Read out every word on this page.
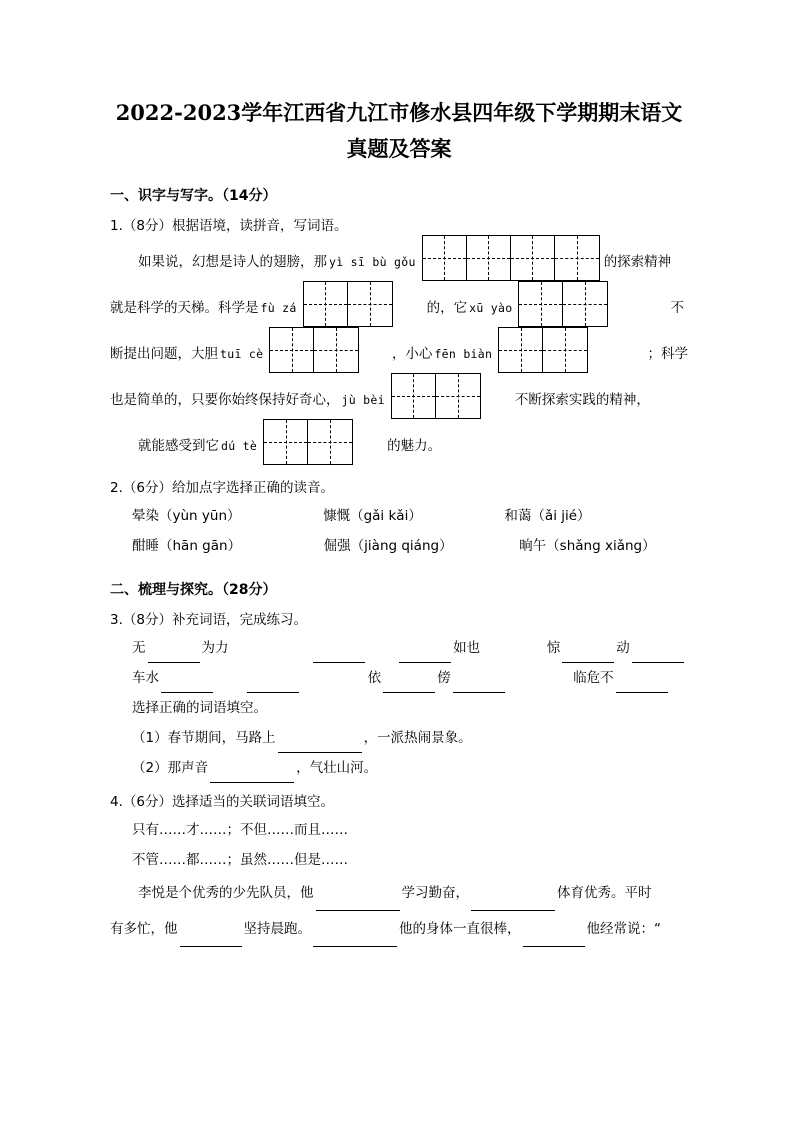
2022-2023学年江西省九江市修水县四年级下学期期末语文
真题及答案
一、识字与写字。（14分）
1.（8分）根据语境，读拼音，写词语。
如果说，幻想是诗人的翅膀，那 yì sī bù gǒu	的探索精神
就是科学的天梯。科学是 fù zá	的，它 xū yào	不
断提出问题，大胆 tuī cè	，小心 fēn biàn	；科学
也是简单的，只要你始终保持好奇心， jù bèi	不断探索实践的精神，
就能感受到它 dú tè	的魅力。
2.（6分）给加点字选择正确的读音。
晕染（yùn yūn）	慷慨（gǎi kǎi）	和蔼（ǎi jié）
酣睡（hān gān）	倔强（jiàng qiáng）	晌午（shǎng xiǎng）
二、梳理与探究。（28分）
3.（8分）补充词语，完成练习。
无	为力	如也	惊	动
车水	依	傍	临危不
选择正确的词语填空。
（1）春节期间，马路上	，一派热闹景象。
（2）那声音	，气壮山河。
4.（6分）选择适当的关联词语填空。
只有……才……；不但……而且……
不管……都……；虽然……但是……
李悦是个优秀的少先队员，他	学习勤奋，	体育优秀。平时
有多忙，他	坚持晨跑。	他的身体一直很棒，	他经常说：“
